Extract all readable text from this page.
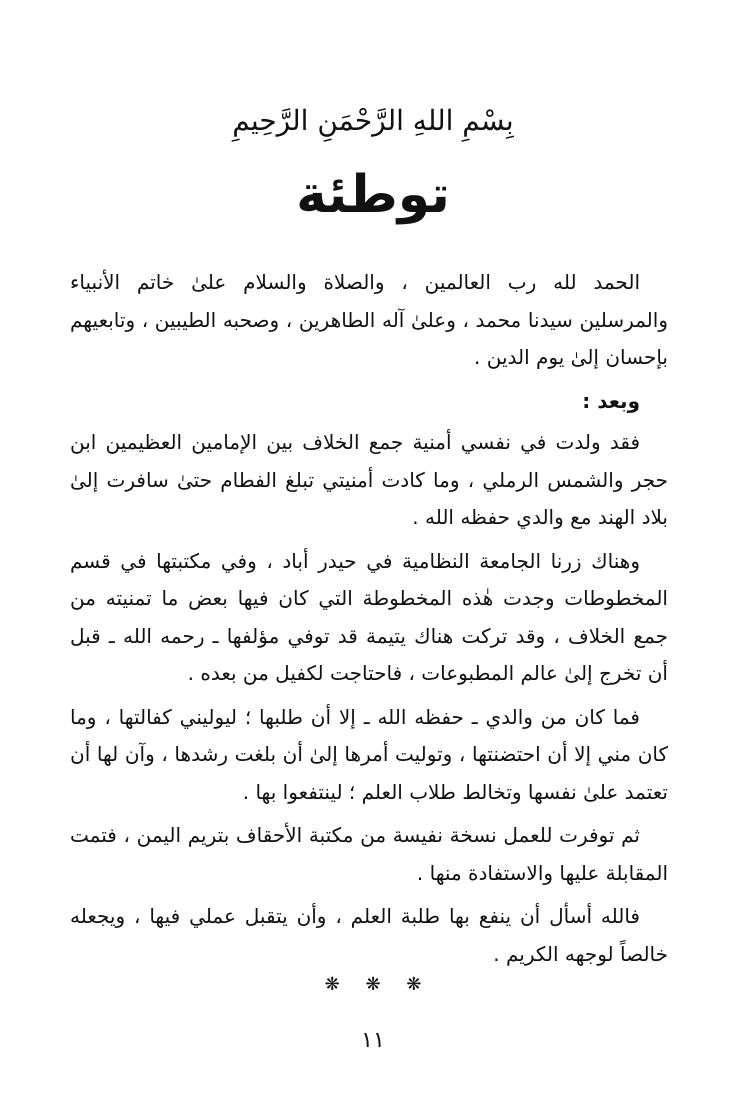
بِسْمِ اللهِ الرَّحْمَنِ الرَّحِيمِ
توطئة

الحمد لله رب العالمين ، والصلاة والسلام علىٰ خاتم الأنبياء والمرسلين سيدنا محمد ، وعلىٰ آله الطاهرين ، وصحبه الطيبين ، وتابعيهم بإحسان إلىٰ يوم الدين .

وبعد :

فقد ولدت في نفسي أمنية جمع الخلاف بين الإمامين العظيمين ابن حجر والشمس الرملي ، وما كادت أمنيتي تبلغ الفطام حتىٰ سافرت إلىٰ بلاد الهند مع والدي حفظه الله .

وهناك زرنا الجامعة النظامية في حيدر أباد ، وفي مكتبتها في قسم المخطوطات وجدت هٰذه المخطوطة التي كان فيها بعض ما تمنيته من جمع الخلاف ، وقد تركت هناك يتيمة قد توفي مؤلفها ـ رحمه الله ـ قبل أن تخرج إلىٰ عالم المطبوعات ، فاحتاجت لكفيل من بعده .

فما كان من والدي ـ حفظه الله ـ إلا أن طلبها ؛ ليوليني كفالتها ، وما كان مني إلا أن احتضنتها ، وتوليت أمرها إلىٰ أن بلغت رشدها ، وآن لها أن تعتمد علىٰ نفسها وتخالط طلاب العلم ؛ لينتفعوا بها .

ثم توفرت للعمل نسخة نفيسة من مكتبة الأحقاف بتريم اليمن ، فتمت المقابلة عليها والاستفادة منها .

فالله أسأل أن ينفع بها طلبة العلم ، وأن يتقبل عملي فيها ، ويجعله خالصاً لوجهه الكريم .

❋ ❋ ❋
١١
